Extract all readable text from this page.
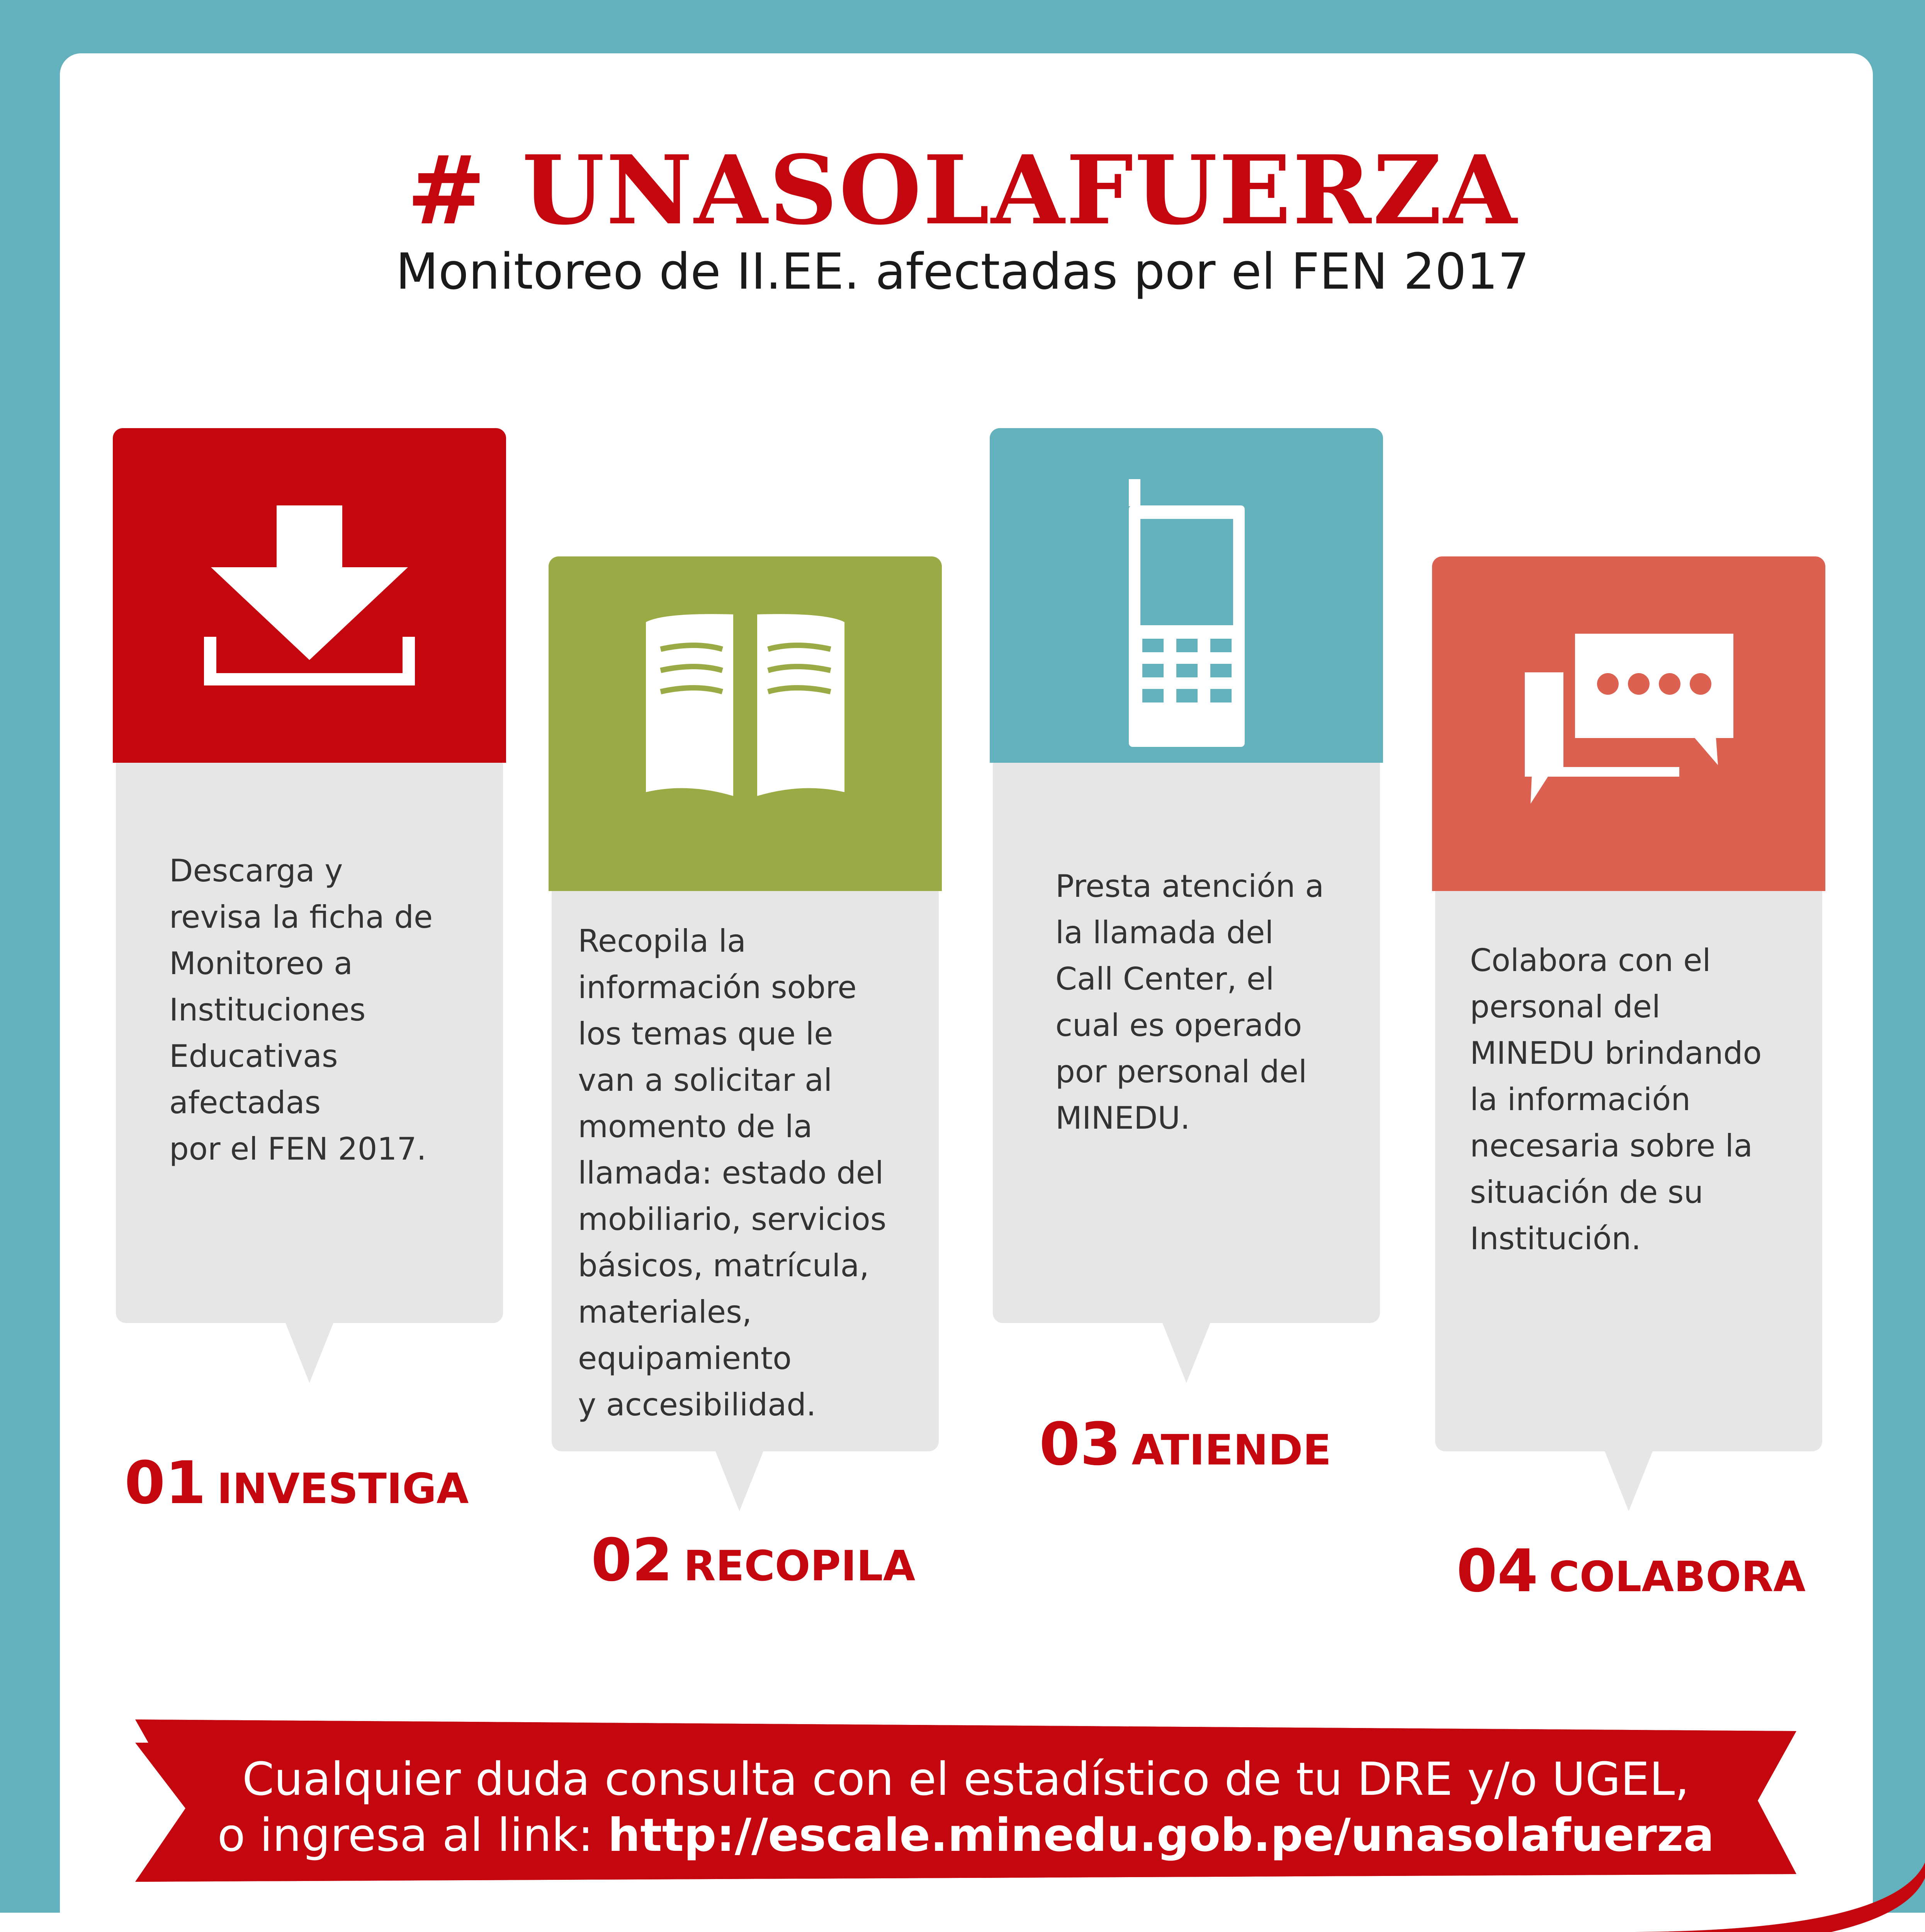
# UNASOLAFUERZA
Monitoreo de II.EE. afectadas por el FEN 2017
Descarga y
revisa la ficha de
Monitoreo a
Instituciones
Educativas
afectadas
por el FEN 2017.
01 INVESTIGA
Recopila la
información sobre
los temas que le
van a solicitar al
momento de la
llamada: estado del
mobiliario, servicios
básicos, matrícula,
materiales,
equipamiento
y accesibilidad.
02 RECOPILA
Presta atención a
la llamada del
Call Center, el
cual es operado
por personal del
MINEDU.
03 ATIENDE
Colabora con el
personal del
MINEDU brindando
la información
necesaria sobre la
situación de su
Institución.
04 COLABORA
Cualquier duda consulta con el estadístico de tu DRE y/o UGEL,
o ingresa al link: http://escale.minedu.gob.pe/unasolafuerza
